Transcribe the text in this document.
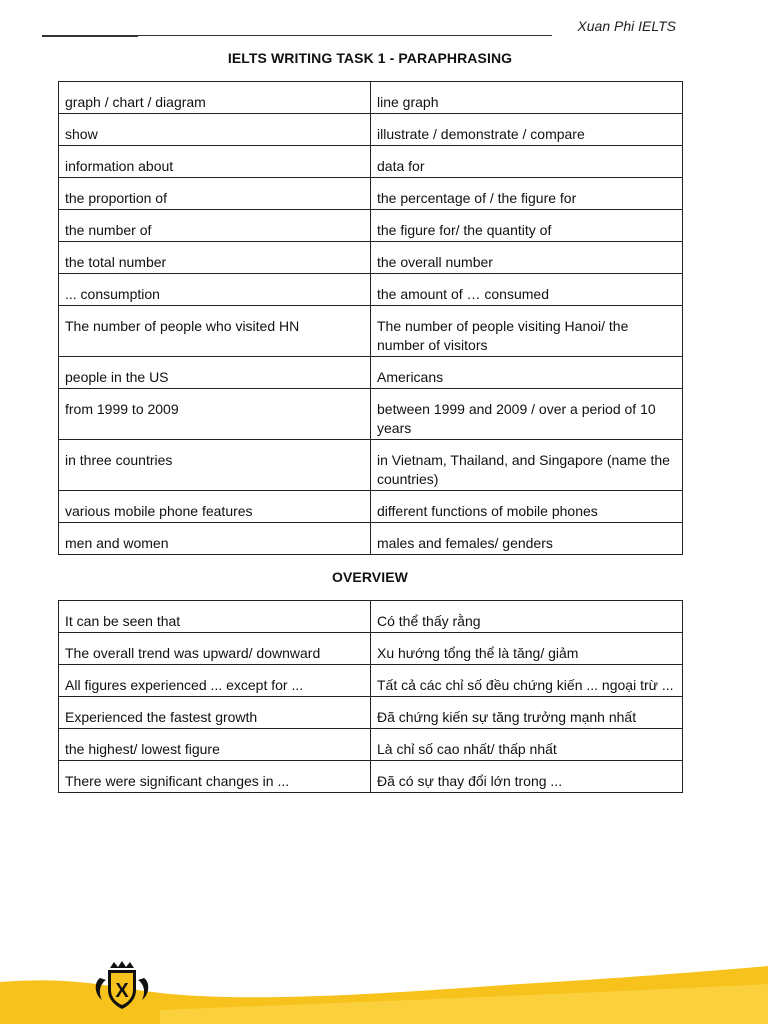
Xuan Phi IELTS
IELTS WRITING TASK 1 - PARAPHRASING
graph / chart / diagram	line graph
show	illustrate / demonstrate / compare
information about	data for
the proportion of	the percentage of / the figure for
the number of	the figure for/ the quantity of
the total number	the overall number
... consumption	the amount of … consumed
The number of people who visited HN	The number of people visiting Hanoi/ the number of visitors
people in the US	Americans
from 1999 to 2009	between 1999 and 2009 / over a period of 10 years
in three countries	in Vietnam, Thailand, and Singapore (name the countries)
various mobile phone features	different functions of mobile phones
men and women	males and females/ genders
OVERVIEW
It can be seen that	Có thể thấy rằng
The overall trend was upward/ downward	Xu hướng tổng thể là tăng/ giảm
All figures experienced ... except for ...	Tất cả các chỉ số đều chứng kiến ... ngoại trừ ...
Experienced the fastest growth	Đã chứng kiến sự tăng trưởng mạnh nhất
the highest/ lowest figure	Là chỉ số cao nhất/ thấp nhất
There were significant changes in ...	Đã có sự thay đổi lớn trong ...
X
